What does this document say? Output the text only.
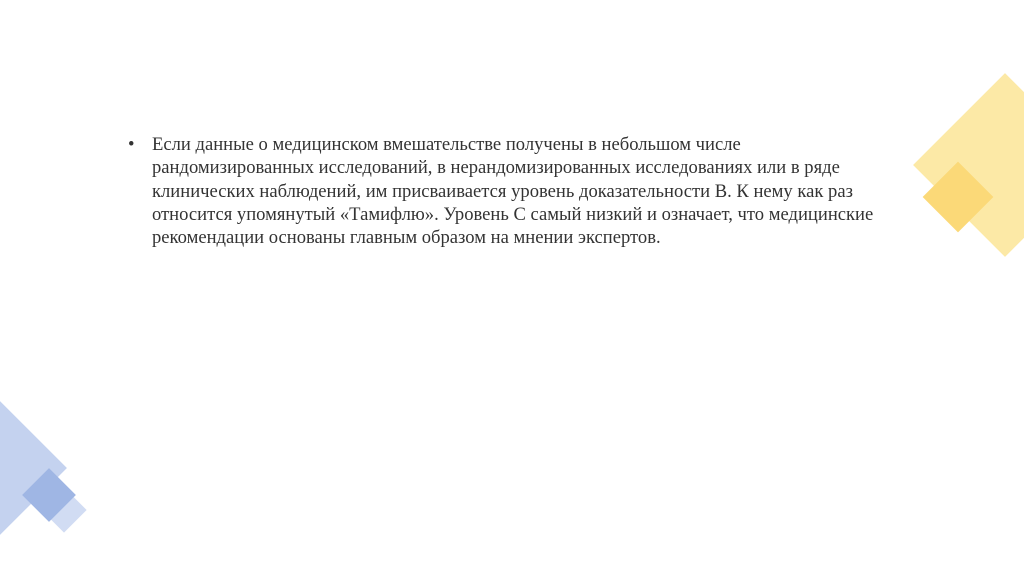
• Если данные о медицинском вмешательстве получены в небольшом числе рандомизированных исследований, в нерандомизированных исследованиях или в ряде клинических наблюдений, им присваивается уровень доказательности В. К нему как раз относится упомянутый «Тамифлю». Уровень С самый низкий и означает, что медицинские рекомендации основаны главным образом на мнении экспертов.
